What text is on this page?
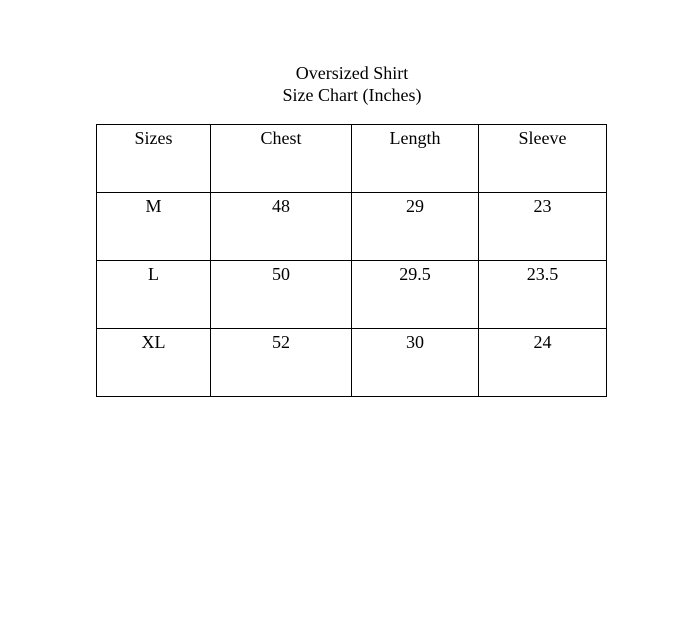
Oversized Shirt
Size Chart (Inches)
Sizes	Chest	Length	Sleeve

M	48	29	23

L	50	29.5	23.5

XL	52	30	24
